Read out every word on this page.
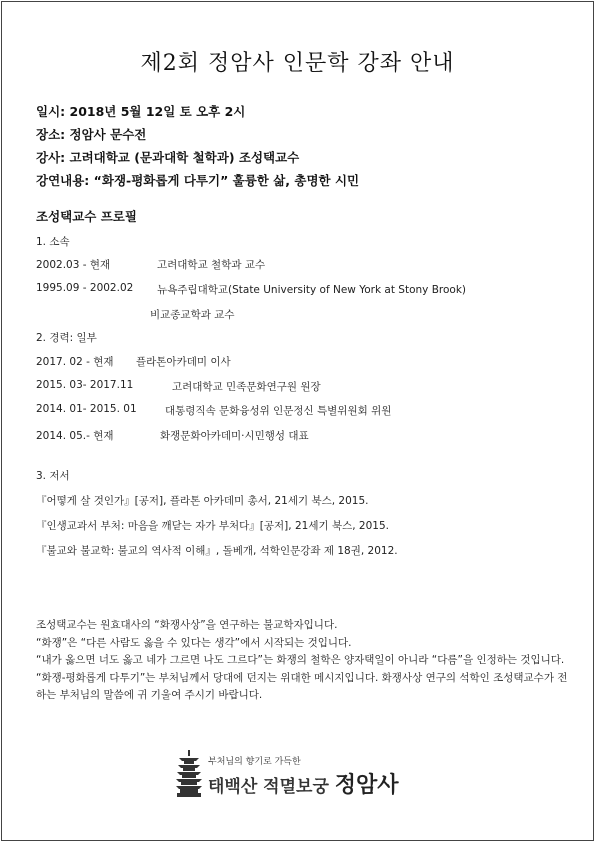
제2회 정암사 인문학 강좌 안내
일시: 2018년 5월 12일 토 오후 2시
장소: 정암사 문수전
강사: 고려대학교 (문과대학 철학과) 조성택교수
강연내용: “화쟁-평화롭게 다투기” 훌륭한 삶, 총명한 시민
조성택교수 프로필
1. 소속
2002.03 - 현재	고려대학교 철학과 교수
1995.09 - 2002.02 뉴욕주립대학교(State University of New York at Stony Brook)
비교종교학과 교수
2. 경력: 일부
2017. 02 - 현재 플라톤아카데미 이사
2015. 03- 2017.11	고려대학교 민족문화연구원 원장
2014. 01- 2015. 01	대통령직속 문화융성위 인문정신 특별위원회 위원
2014. 05.- 현재	화쟁문화아카데미·시민행성 대표
3. 저서
『어떻게 살 것인가』[공저], 플라톤 아카데미 총서, 21세기 북스, 2015.
『인생교과서 부처: 마음을 깨닫는 자가 부처다』[공저], 21세기 북스, 2015.
『불교와 불교학: 불교의 역사적 이해』, 돌베개, 석학인문강좌 제 18권, 2012.

조성택교수는 원효대사의 “화쟁사상”을 연구하는 불교학자입니다.

“화쟁”은 “다른 사람도 옳을 수 있다는 생각”에서 시작되는 것입니다.

“내가 옳으면 너도 옳고 네가 그르면 나도 그르다”는 화쟁의 철학은 양자택일이 아니라 “다름”을 인정하는 것입니다.

“화쟁-평화롭게 다투기”는 부처님께서 당대에 던지는 위대한 메시지입니다. 화쟁사상 연구의 석학인 조성택교수가 전하는 부처님의 말씀에 귀 기울여 주시기 바랍니다.

부처님의 향기로 가득한
태백산 적멸보궁 정암사
